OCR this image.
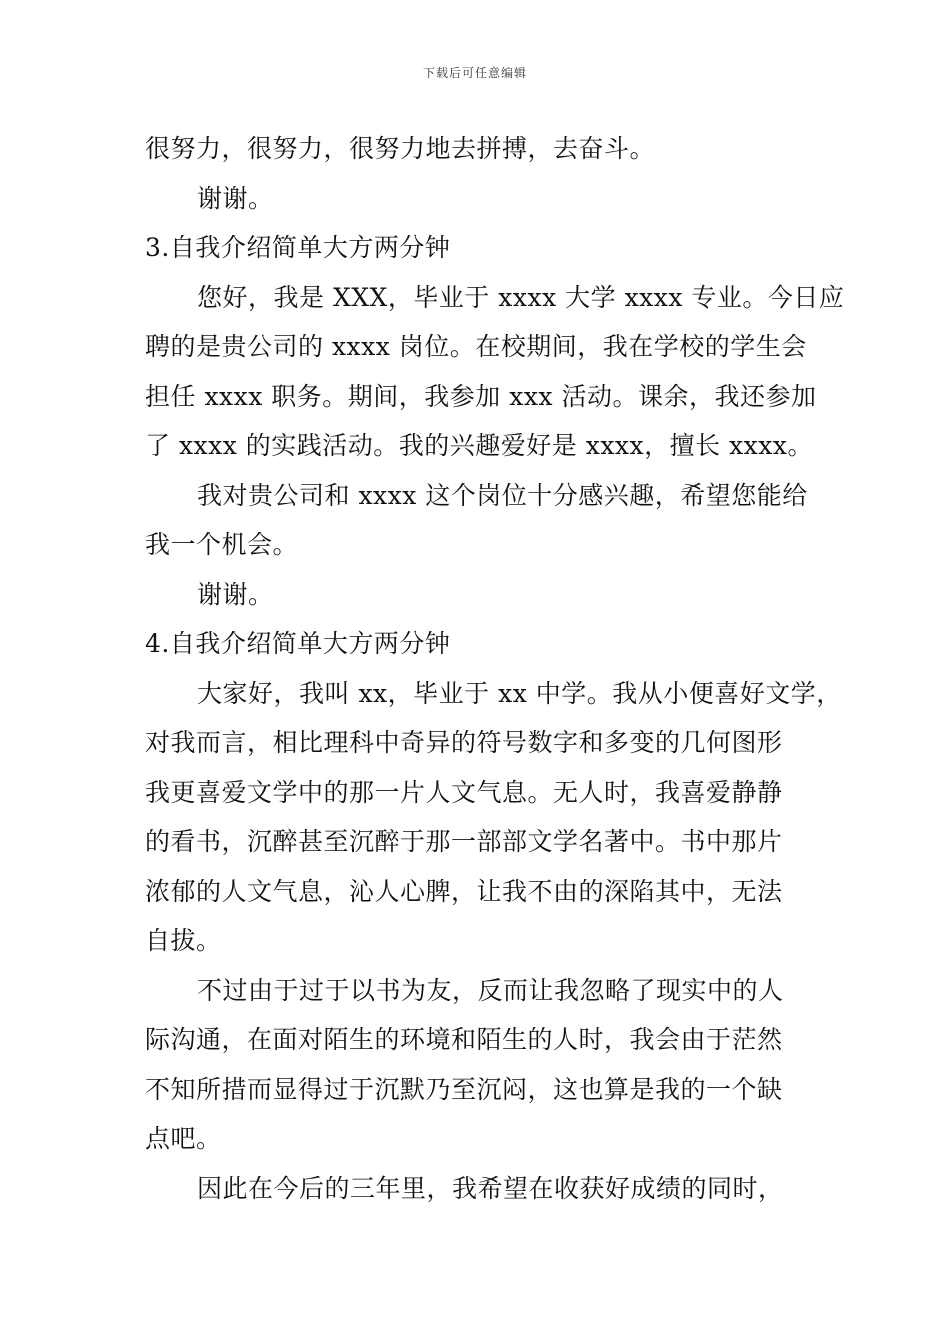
下载后可任意编辑
很努力，很努力，很努力地去拼搏，去奋斗。
谢谢。
3.自我介绍简单大方两分钟
您好，我是 XXX，毕业于 xxxx 大学 xxxx 专业。今日应
聘的是贵公司的 xxxx 岗位。在校期间，我在学校的学生会
担任 xxxx 职务。期间，我参加 xxx 活动。课余，我还参加
了 xxxx 的实践活动。我的兴趣爱好是 xxxx，擅长 xxxx。
我对贵公司和 xxxx 这个岗位十分感兴趣，希望您能给
我一个机会。
谢谢。
4.自我介绍简单大方两分钟
大家好，我叫 xx，毕业于 xx 中学。我从小便喜好文学，
对我而言，相比理科中奇异的符号数字和多变的几何图形
我更喜爱文学中的那一片人文气息。无人时，我喜爱静静
的看书，沉醉甚至沉醉于那一部部文学名著中。书中那片
浓郁的人文气息，沁人心脾，让我不由的深陷其中，无法
自拔。
不过由于过于以书为友，反而让我忽略了现实中的人
际沟通，在面对陌生的环境和陌生的人时，我会由于茫然
不知所措而显得过于沉默乃至沉闷，这也算是我的一个缺
点吧。
因此在今后的三年里，我希望在收获好成绩的同时，
